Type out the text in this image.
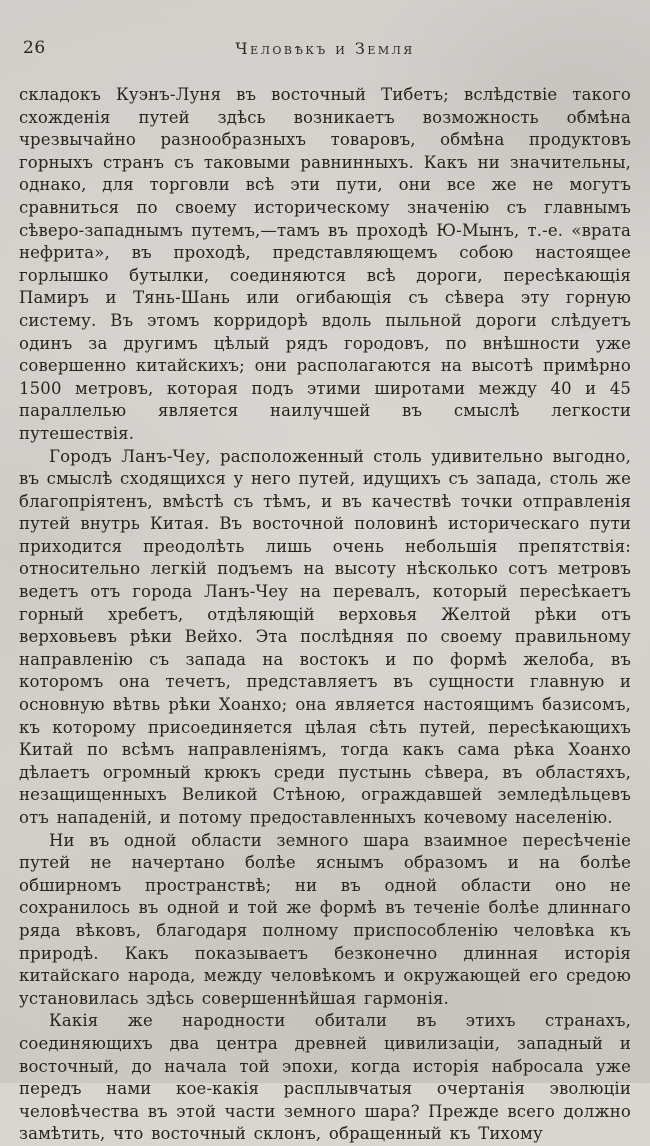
26	Человѣкъ и Земля

складокъ Куэнъ-Луня въ восточный Тибетъ; вслѣдствіе такого схожденія путей здѣсь возникаетъ возможность обмѣна чрезвычайно разнообразныхъ товаровъ, обмѣна продуктовъ горныхъ странъ съ таковыми равнинныхъ. Какъ ни значительны, однако, для торговли всѣ эти пути, они все же не могутъ сравниться по своему историческому значенію съ главнымъ сѣверо-западнымъ путемъ,—тамъ въ проходѣ Ю-Мынъ, т.-е. «врата нефрита», въ проходѣ, представляющемъ собою настоящее горлышко бутылки, соединяются всѣ дороги, пересѣкающія Памиръ и Тянь-Шань или огибающія съ сѣвера эту горную систему. Въ этомъ корридорѣ вдоль пыльной дороги слѣдуетъ одинъ за другимъ цѣлый рядъ городовъ, по внѣшности уже совершенно китайскихъ; они располагаются на высотѣ примѣрно 1500 метровъ, которая подъ этими широтами между 40 и 45 параллелью является наилучшей въ смыслѣ легкости путешествія.

Городъ Ланъ-Чеу, расположенный столь удивительно выгодно, въ смыслѣ сходящихся у него путей, идущихъ съ запада, столь же благопріятенъ, вмѣстѣ съ тѣмъ, и въ качествѣ точки отправленія путей внутрь Китая. Въ восточной половинѣ историческаго пути приходится преодолѣть лишь очень небольшія препятствія: относительно легкій подъемъ на высоту нѣсколько сотъ метровъ ведетъ отъ города Ланъ-Чеу на перевалъ, который пересѣкаетъ горный хребетъ, отдѣляющій верховья Желтой рѣки отъ верховьевъ рѣки Вейхо. Эта послѣдняя по своему правильному направленію съ запада на востокъ и по формѣ желоба, въ которомъ она течетъ, представляетъ въ сущности главную и основную вѣтвь рѣки Хоанхо; она является настоящимъ базисомъ, къ которому присоединяется цѣлая сѣть путей, пересѣкающихъ Китай по всѣмъ направленіямъ, тогда какъ сама рѣка Хоанхо дѣлаетъ огромный крюкъ среди пустынь сѣвера, въ областяхъ, незащищенныхъ Великой Стѣною, ограждавшей земледѣльцевъ отъ нападеній, и потому предоставленныхъ кочевому населенію.

Ни въ одной области земного шара взаимное пересѣченіе путей не начертано болѣе яснымъ образомъ и на болѣе обширномъ пространствѣ; ни въ одной области оно не сохранилось въ одной и той же формѣ въ теченіе болѣе длиннаго ряда вѣковъ, благодаря полному приспособленію человѣка къ природѣ. Какъ показываетъ безконечно длинная исторія китайскаго народа, между человѣкомъ и окружающей его средою установилась здѣсь совершеннѣйшая гармонія.

Какія же народности обитали въ этихъ странахъ, соединяющихъ два центра древней цивилизаціи, западный и восточный, до начала той эпохи, когда исторія набросала уже передъ нами кое-какія расплывчатыя очертанія эволюціи человѣчества въ этой части земного шара? Прежде всего должно замѣтить, что восточный склонъ, обращенный къ Тихому
